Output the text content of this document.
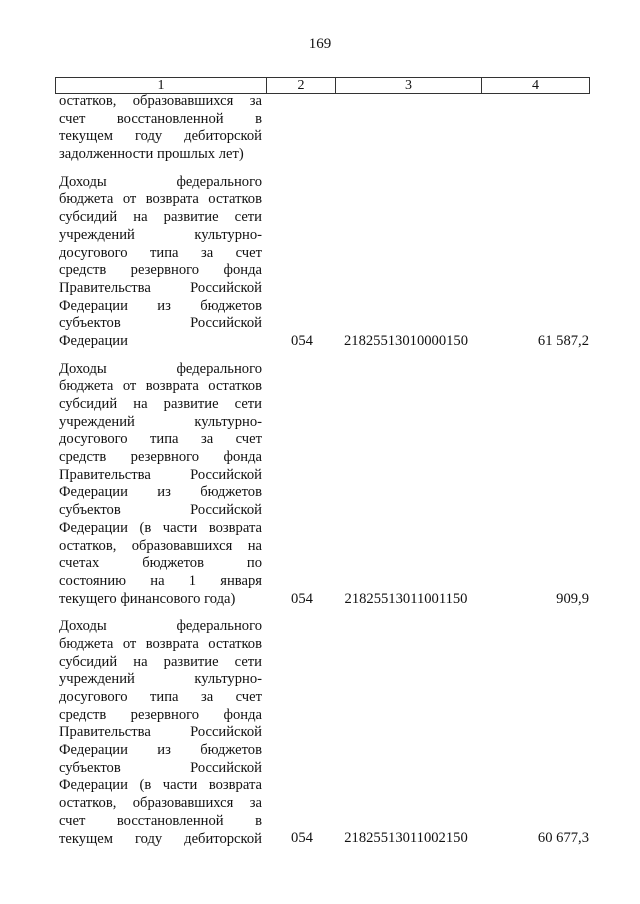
169
1	2	3	4
остатков, образовавшихся за
счет восстановленной в
текущем году дебиторской
задолженности прошлых лет)
Доходы федерального
бюджета от возврата остатков
субсидий на развитие сети
учреждений культурно-
досугового типа за счет
средств резервного фонда
Правительства Российской
Федерации из бюджетов
субъектов Российской
Федерации	054	21825513010000150	61 587,2
Доходы федерального
бюджета от возврата остатков
субсидий на развитие сети
учреждений культурно-
досугового типа за счет
средств резервного фонда
Правительства Российской
Федерации из бюджетов
субъектов Российской
Федерации (в части возврата
остатков, образовавшихся на
счетах бюджетов по
состоянию на 1 января
текущего финансового года)	054	21825513011001150	909,9
Доходы федерального
бюджета от возврата остатков
субсидий на развитие сети
учреждений культурно-
досугового типа за счет
средств резервного фонда
Правительства Российской
Федерации из бюджетов
субъектов Российской
Федерации (в части возврата
остатков, образовавшихся за
счет восстановленной в
текущем году дебиторской	054	21825513011002150	60 677,3
